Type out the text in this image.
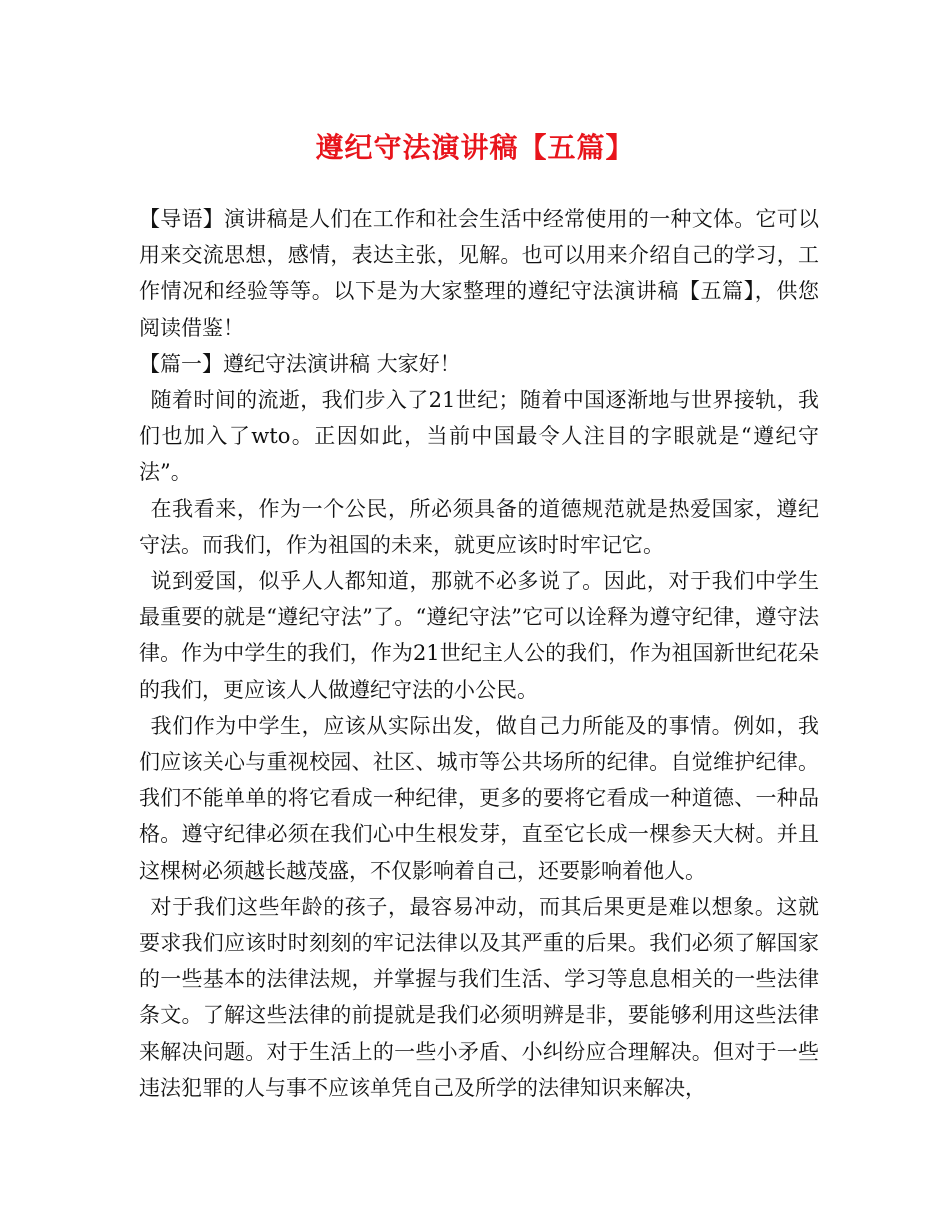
遵纪守法演讲稿【五篇】

【导语】演讲稿是人们在工作和社会生活中经常使用的一种文体。它可以用来交流思想，感情，表达主张，见解。也可以用来介绍自己的学习，工作情况和经验等等。以下是为大家整理的遵纪守法演讲稿【五篇】，供您阅读借鉴！

【篇一】遵纪守法演讲稿 大家好！

随着时间的流逝，我们步入了21世纪；随着中国逐渐地与世界接轨，我们也加入了wto。正因如此，当前中国最令人注目的字眼就是“遵纪守法”。

在我看来，作为一个公民，所必须具备的道德规范就是热爱国家，遵纪守法。而我们，作为祖国的未来，就更应该时时牢记它。

说到爱国，似乎人人都知道，那就不必多说了。因此，对于我们中学生最重要的就是“遵纪守法”了。“遵纪守法”它可以诠释为遵守纪律，遵守法律。作为中学生的我们，作为21世纪主人公的我们，作为祖国新世纪花朵的我们，更应该人人做遵纪守法的小公民。

我们作为中学生，应该从实际出发，做自己力所能及的事情。例如，我们应该关心与重视校园、社区、城市等公共场所的纪律。自觉维护纪律。我们不能单单的将它看成一种纪律，更多的要将它看成一种道德、一种品格。遵守纪律必须在我们心中生根发芽，直至它长成一棵参天大树。并且这棵树必须越长越茂盛，不仅影响着自己，还要影响着他人。

对于我们这些年龄的孩子，最容易冲动，而其后果更是难以想象。这就要求我们应该时时刻刻的牢记法律以及其严重的后果。我们必须了解国家的一些基本的法律法规，并掌握与我们生活、学习等息息相关的一些法律条文。了解这些法律的前提就是我们必须明辨是非，要能够利用这些法律来解决问题。对于生活上的一些小矛盾、小纠纷应合理解决。但对于一些违法犯罪的人与事不应该单凭自己及所学的法律知识来解决，
